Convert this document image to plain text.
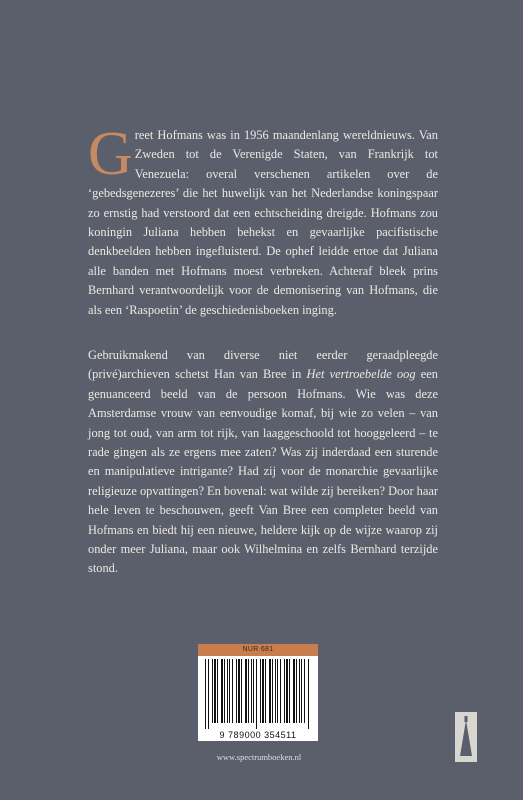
Greet Hofmans was in 1956 maandenlang wereldnieuws. Van Zweden tot de Verenigde Staten, van Frankrijk tot Venezuela: overal verschenen artikelen over de ‘gebedsgenezeres’ die het huwelijk van het Nederlandse koningspaar zo ernstig had verstoord dat een echtscheiding dreigde. Hofmans zou koningin Juliana hebben behekst en gevaarlijke pacifistische denkbeelden hebben ingefluisterd. De ophef leidde ertoe dat Juliana alle banden met Hofmans moest verbreken. Achteraf bleek prins Bernhard verantwoordelijk voor de demonisering van Hofmans, die als een ‘Raspoetin’ de geschiedenisboeken inging.

Gebruikmakend van diverse niet eerder geraadpleegde (privé)archieven schetst Han van Bree in Het vertroebelde oog een genuanceerd beeld van de persoon Hofmans. Wie was deze Amsterdamse vrouw van eenvoudige komaf, bij wie zo velen – van jong tot oud, van arm tot rijk, van laaggeschoold tot hooggeleerd – te rade gingen als ze ergens mee zaten? Was zij inderdaad een sturende en manipulatieve intrigante? Had zij voor de monarchie gevaarlijke religieuze opvattingen? En bovenal: wat wilde zij bereiken? Door haar hele leven te beschouwen, geeft Van Bree een completer beeld van Hofmans en biedt hij een nieuwe, heldere kijk op de wijze waarop zij onder meer Juliana, maar ook Wilhelmina en zelfs Bernhard terzijde stond.

NUR 681
9 789000 354511
www.spectrumboeken.nl
